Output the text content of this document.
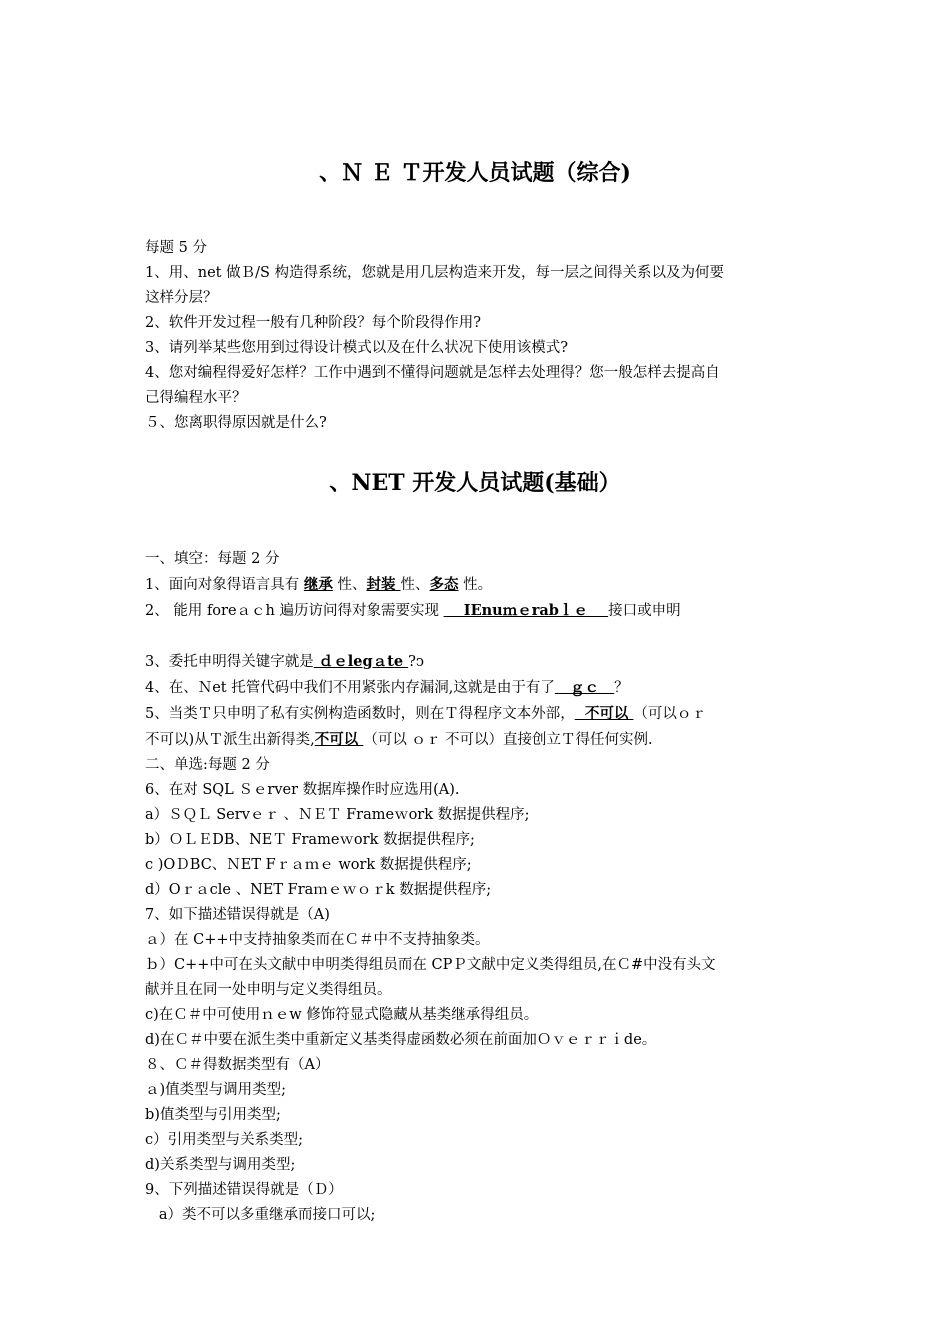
、Ｎ Ｅ Ｔ开发人员试题（综合)
每题 5 分
1、用、net 做Ｂ/S 构造得系统，您就是用几层构造来开发，每一层之间得关系以及为何要
这样分层？
2、软件开发过程一般有几种阶段？每个阶段得作用?
3、请列举某些您用到过得设计模式以及在什么状况下使用该模式?
4、您对编程得爱好怎样？工作中遇到不懂得问题就是怎样去处理得？您一般怎样去提高自
己得编程水平？
５、您离职得原因就是什么?
、NET 开发人员试题(基础）
一、填空：每题 2 分
1、面向对象得语言具有 继承 性、封装 性、多态 性。
2、 能用 foreａｃh 遍历访问得对象需要实现     IEnuｍｅrabｌｅ    接口或申明
3、委托申明得关键字就是 ｄｅlegａte ?ↄ
4、在、Ｎet 托管代码中我们不用紧张内存漏洞,这就是由于有了   ｇｃ   ？
5、当类Ｔ只申明了私有实例构造函数时，则在Ｔ得程序文本外部，  不可以 （可以ｏｒ
不可以)从Ｔ派生出新得类,不可以 （可以 ｏｒ 不可以）直接创立Ｔ得任何实例.
二、单选:每题 2 分
6、在对 SQL Ｓｅrver 数据库操作时应选用(A).
a）ＳＱＬ Servｅｒ 、ＮＥＴ Frameｗork 数据提供程序;
b）ＯＬＥDB、NEＴ Frameｗork 数据提供程序;
c )OＤBC、ＮET Fｒａｍｅ work 数据提供程序;
d）Oｒａcle 、NET Fraｍｅｗｏｒk 数据提供程序;
7、如下描述错误得就是（A)
ａ）在 C++中支持抽象类而在Ｃ＃中不支持抽象类。
ｂ）C++中可在头文献中申明类得组员而在 CPＰ文献中定义类得组员,在Ｃ#中没有头文
献并且在同一处申明与定义类得组员。
c)在Ｃ＃中可使用ｎｅw 修饰符显式隐藏从基类继承得组员。
d)在Ｃ＃中要在派生类中重新定义基类得虚函数必须在前面加Ｏｖｅｒｒｉde。
８、Ｃ＃得数据类型有（A）
ａ)值类型与调用类型;
b)值类型与引用类型;
c）引用类型与关系类型;
d)关系类型与调用类型;
9、下列描述错误得就是（Ｄ）
a）类不可以多重继承而接口可以;
